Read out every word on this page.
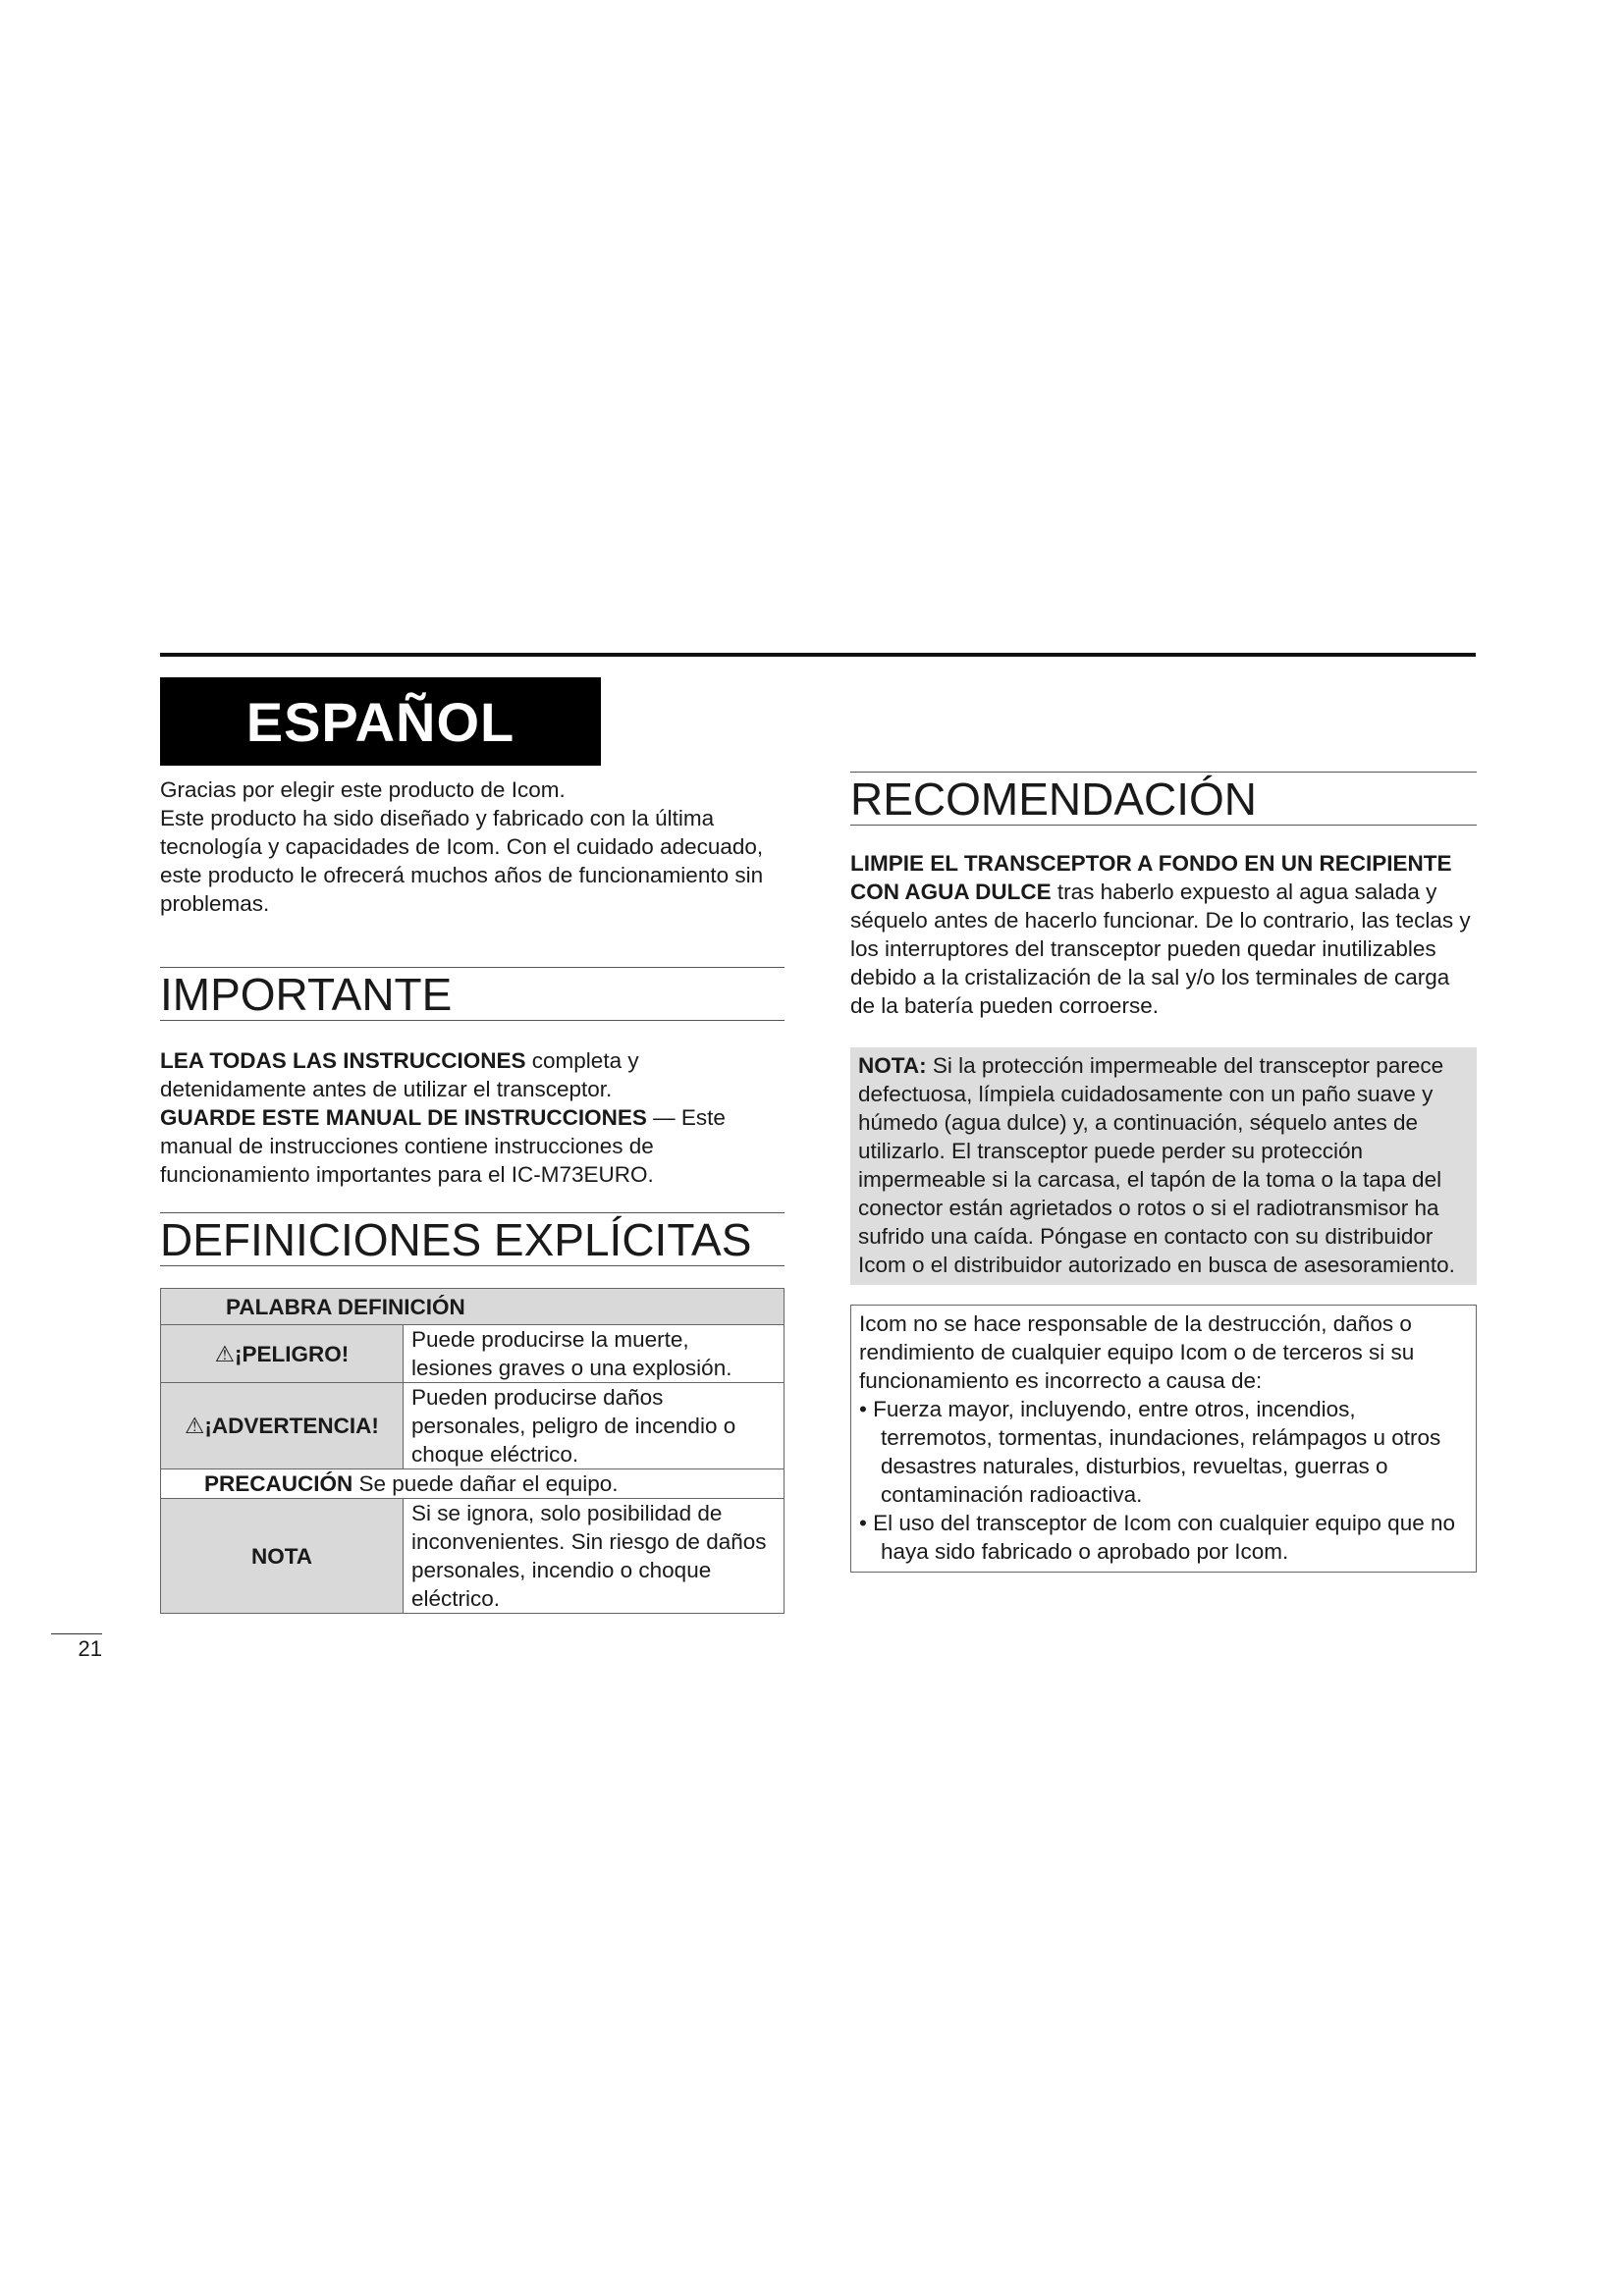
ESPAÑOL

Gracias por elegir este producto de Icom.

Este producto ha sido diseñado y fabricado con la última tecnología y capacidades de Icom. Con el cuidado adecuado, este producto le ofrecerá muchos años de funcionamiento sin problemas.

IMPORTANTE

LEA TODAS LAS INSTRUCCIONES completa y detenidamente antes de utilizar el transceptor.

GUARDE ESTE MANUAL DE INSTRUCCIONES — Este manual de instrucciones contiene instrucciones de funcionamiento importantes para el IC-M73EURO.

DEFINICIONES EXPLÍCITAS
PALABRA DEFINICIÓN	
⚠¡PELIGRO!	Puede producirse la muerte, lesiones graves o una explosión.
⚠¡ADVERTENCIA!	Pueden producirse daños personales, peligro de incendio o choque eléctrico.
PRECAUCIÓN Se puede dañar el equipo.	
NOTA	Si se ignora, solo posibilidad de inconvenientes. Sin riesgo de daños personales, incendio o choque eléctrico.
RECOMENDACIÓN

LIMPIE EL TRANSCEPTOR A FONDO EN UN RECIPIENTE CON AGUA DULCE tras haberlo expuesto al agua salada y séquelo antes de hacerlo funcionar. De lo contrario, las teclas y los interruptores del transceptor pueden quedar inutilizables debido a la cristalización de la sal y/o los terminales de carga de la batería pueden corroerse.

NOTA: Si la protección impermeable del transceptor parece defectuosa, límpiela cuidadosamente con un paño suave y húmedo (agua dulce) y, a continuación, séquelo antes de utilizarlo. El transceptor puede perder su protección impermeable si la carcasa, el tapón de la toma o la tapa del conector están agrietados o rotos o si el radiotransmisor ha sufrido una caída. Póngase en contacto con su distribuidor Icom o el distribuidor autorizado en busca de asesoramiento.

Icom no se hace responsable de la destrucción, daños o rendimiento de cualquier equipo Icom o de terceros si su funcionamiento es incorrecto a causa de:

• Fuerza mayor, incluyendo, entre otros, incendios, terremotos, tormentas, inundaciones, relámpagos u otros desastres naturales, disturbios, revueltas, guerras o contaminación radioactiva.
• El uso del transceptor de Icom con cualquier equipo que no haya sido fabricado o aprobado por Icom.
21
